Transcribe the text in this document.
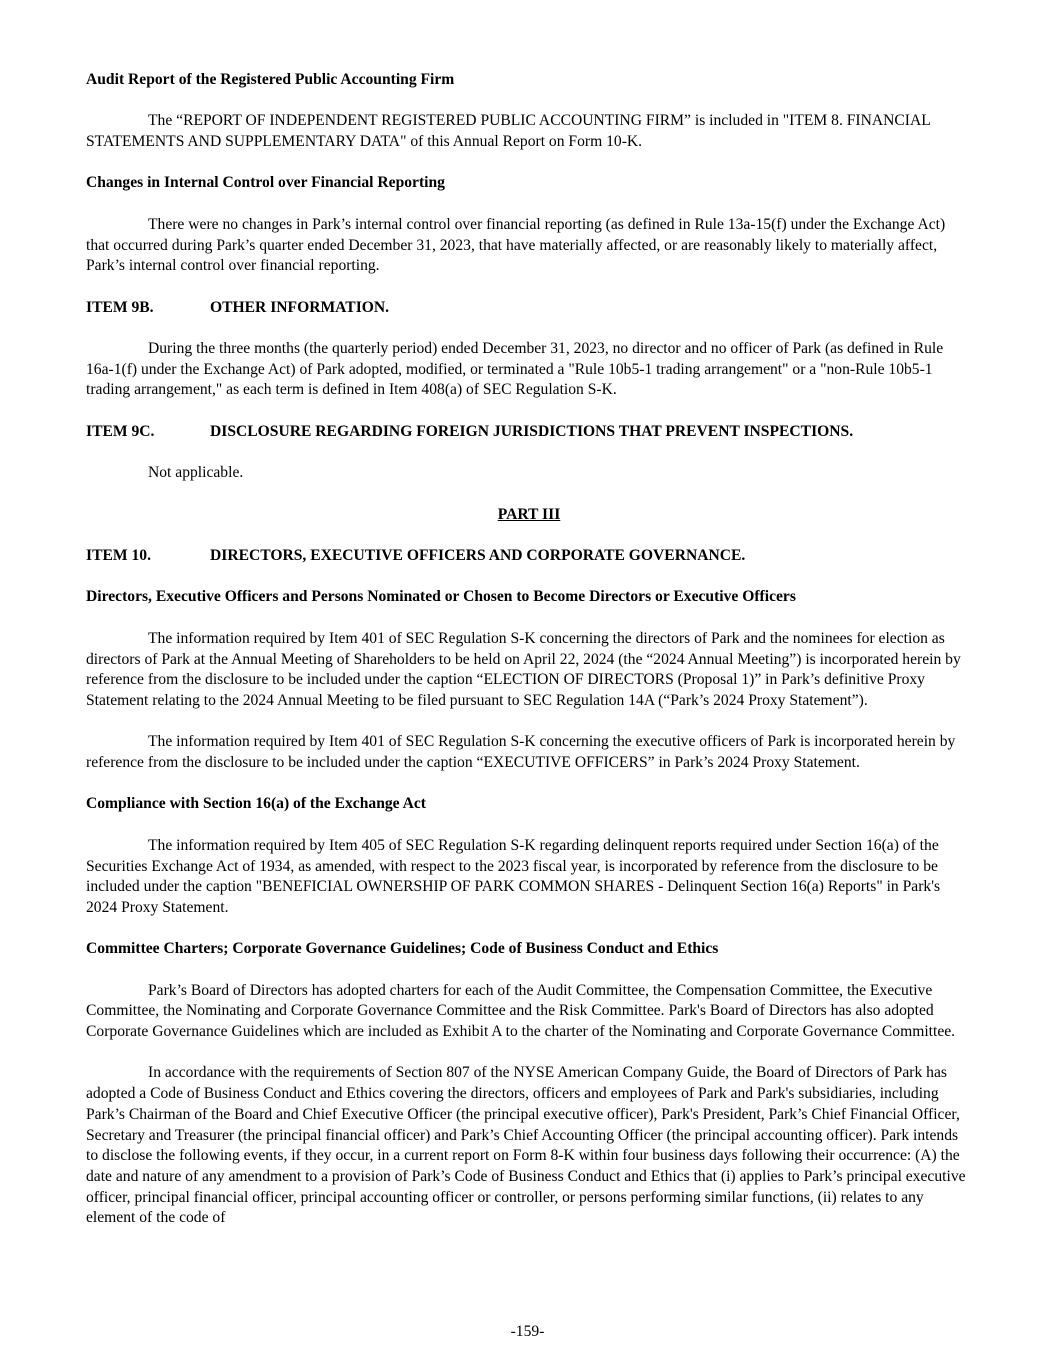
Audit Report of the Registered Public Accounting Firm
The “REPORT OF INDEPENDENT REGISTERED PUBLIC ACCOUNTING FIRM” is included in "ITEM 8. FINANCIAL STATEMENTS AND SUPPLEMENTARY DATA" of this Annual Report on Form 10-K.
Changes in Internal Control over Financial Reporting
There were no changes in Park’s internal control over financial reporting (as defined in Rule 13a-15(f) under the Exchange Act) that occurred during Park’s quarter ended December 31, 2023, that have materially affected, or are reasonably likely to materially affect, Park’s internal control over financial reporting.
ITEM 9B.	OTHER INFORMATION.
During the three months (the quarterly period) ended December 31, 2023, no director and no officer of Park (as defined in Rule 16a-1(f) under the Exchange Act) of Park adopted, modified, or terminated a "Rule 10b5-1 trading arrangement" or a "non-Rule 10b5-1 trading arrangement," as each term is defined in Item 408(a) of SEC Regulation S-K.
ITEM 9C.	DISCLOSURE REGARDING FOREIGN JURISDICTIONS THAT PREVENT INSPECTIONS.
Not applicable.
PART III
ITEM 10.	DIRECTORS, EXECUTIVE OFFICERS AND CORPORATE GOVERNANCE.
Directors, Executive Officers and Persons Nominated or Chosen to Become Directors or Executive Officers
The information required by Item 401 of SEC Regulation S-K concerning the directors of Park and the nominees for election as directors of Park at the Annual Meeting of Shareholders to be held on April 22, 2024 (the “2024 Annual Meeting”) is incorporated herein by reference from the disclosure to be included under the caption “ELECTION OF DIRECTORS (Proposal 1)” in Park’s definitive Proxy Statement relating to the 2024 Annual Meeting to be filed pursuant to SEC Regulation 14A (“Park’s 2024 Proxy Statement”).
The information required by Item 401 of SEC Regulation S-K concerning the executive officers of Park is incorporated herein by reference from the disclosure to be included under the caption “EXECUTIVE OFFICERS” in Park’s 2024 Proxy Statement.
Compliance with Section 16(a) of the Exchange Act
The information required by Item 405 of SEC Regulation S-K regarding delinquent reports required under Section 16(a) of the Securities Exchange Act of 1934, as amended, with respect to the 2023 fiscal year, is incorporated by reference from the disclosure to be included under the caption "BENEFICIAL OWNERSHIP OF PARK COMMON SHARES - Delinquent Section 16(a) Reports" in Park's 2024 Proxy Statement.
Committee Charters; Corporate Governance Guidelines; Code of Business Conduct and Ethics
Park’s Board of Directors has adopted charters for each of the Audit Committee, the Compensation Committee, the Executive Committee, the Nominating and Corporate Governance Committee and the Risk Committee. Park's Board of Directors has also adopted Corporate Governance Guidelines which are included as Exhibit A to the charter of the Nominating and Corporate Governance Committee.
In accordance with the requirements of Section 807 of the NYSE American Company Guide, the Board of Directors of Park has adopted a Code of Business Conduct and Ethics covering the directors, officers and employees of Park and Park's subsidiaries, including Park’s Chairman of the Board and Chief Executive Officer (the principal executive officer), Park's President, Park’s Chief Financial Officer, Secretary and Treasurer (the principal financial officer) and Park’s Chief Accounting Officer (the principal accounting officer). Park intends to disclose the following events, if they occur, in a current report on Form 8-K within four business days following their occurrence: (A) the date and nature of any amendment to a provision of Park’s Code of Business Conduct and Ethics that (i) applies to Park’s principal executive officer, principal financial officer, principal accounting officer or controller, or persons performing similar functions, (ii) relates to any element of the code of
-159-
